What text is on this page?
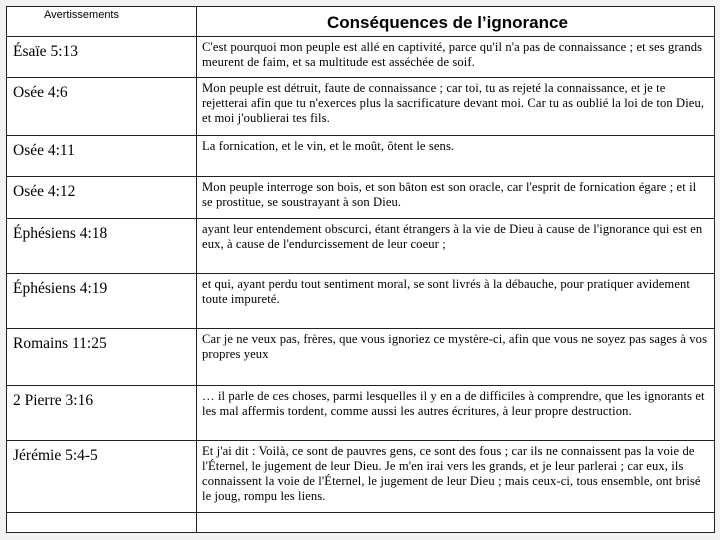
Avertissements	Conséquences de l’ignorance
Ésaïe 5:13	C'est pourquoi mon peuple est allé en captivité, parce qu'il n'a pas de connaissance ; et ses grands meurent de faim, et sa multitude est asséchée de soif.
Osée 4:6	Mon peuple est détruit, faute de connaissance ; car toi, tu as rejeté la connaissance, et je te rejetterai afin que tu n'exerces plus la sacrificature devant moi. Car tu as oublié la loi de ton Dieu, et moi j'oublierai tes fils.
Osée 4:11	La fornication, et le vin, et le moût, ôtent le sens.
Osée 4:12	Mon peuple interroge son bois, et son bâton est son oracle, car l'esprit de fornication égare ; et il se prostitue, se soustrayant à son Dieu.
Éphésiens 4:18	ayant leur entendement obscurci, étant étrangers à la vie de Dieu à cause de l'ignorance qui est en eux, à cause de l'endurcissement de leur coeur ;
Éphésiens 4:19	et qui, ayant perdu tout sentiment moral, se sont livrés à la débauche, pour pratiquer avidement toute impureté.
Romains 11:25	Car je ne veux pas, frères, que vous ignoriez ce mystère-ci, afin que vous ne soyez pas sages à vos propres yeux
2 Pierre 3:16	… il parle de ces choses, parmi lesquelles il y en a de difficiles à comprendre, que les ignorants et les mal affermis tordent, comme aussi les autres écritures, à leur propre destruction.
Jérémie 5:4-5	Et j'ai dit : Voilà, ce sont de pauvres gens, ce sont des fous ; car ils ne connaissent pas la voie de l'Éternel, le jugement de leur Dieu. Je m'en irai vers les grands, et je leur parlerai ; car eux, ils connaissent la voie de l'Éternel, le jugement de leur Dieu ; mais ceux-ci, tous ensemble, ont brisé le joug, rompu les liens.
